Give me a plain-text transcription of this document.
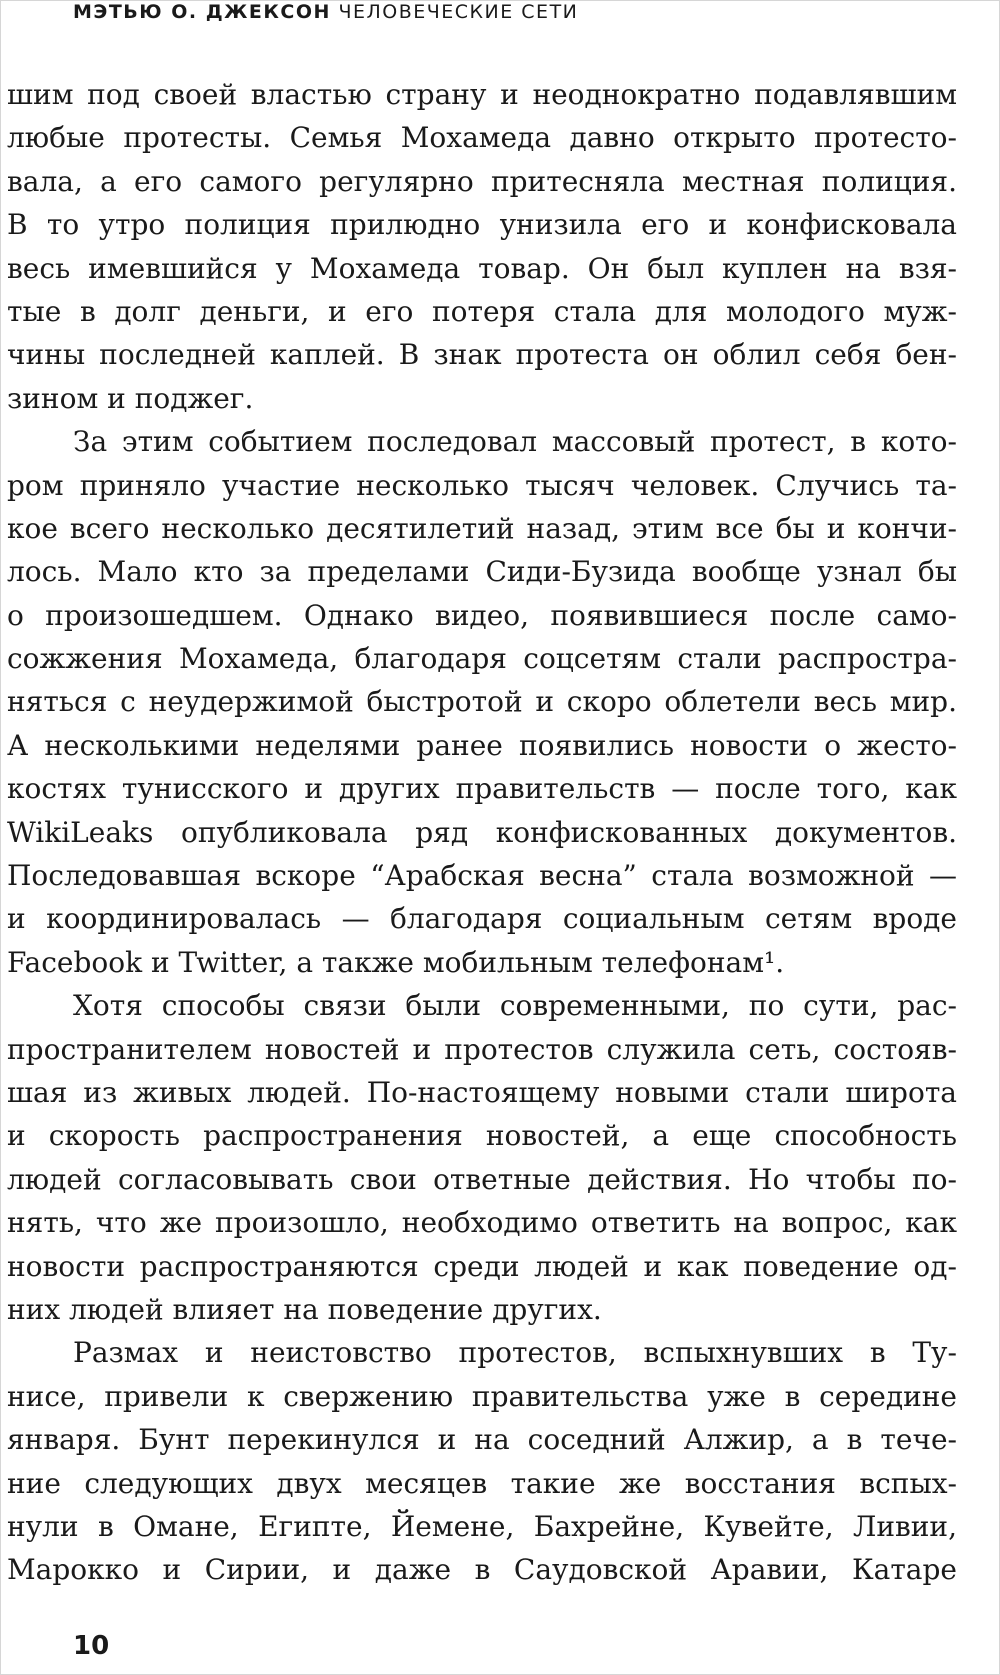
МЭТЬЮ О. ДЖЕКСОН ЧЕЛОВЕЧЕСКИЕ СЕТИ
шим под своей властью страну и неоднократно подавлявшим
любые протесты. Семья Мохамеда давно открыто протесто-
вала, а его самого регулярно притесняла местная полиция.
В то утро полиция прилюдно унизила его и конфисковала
весь имевшийся у Мохамеда товар. Он был куплен на взя-
тые в долг деньги, и его потеря стала для молодого муж-
чины последней каплей. В знак протеста он облил себя бен-
зином и поджег.
За этим событием последовал массовый протест, в кото-
ром приняло участие несколько тысяч человек. Случись та-
кое всего несколько десятилетий назад, этим все бы и кончи-
лось. Мало кто за пределами Сиди-Бузида вообще узнал бы
о произошедшем. Однако видео, появившиеся после само-
сожжения Мохамеда, благодаря соцсетям стали распростра-
няться с неудержимой быстротой и скоро облетели весь мир.
А несколькими неделями ранее появились новости о жесто-
костях тунисского и других правительств — после того, как
WikiLeaks опубликовала ряд конфискованных документов.
Последовавшая вскоре “Арабская весна” стала возможной —
и координировалась — благодаря социальным сетям вроде
Facebook и Twitter, а также мобильным телефонам¹.
Хотя способы связи были современными, по сути, рас-
пространителем новостей и протестов служила сеть, состояв-
шая из живых людей. По-настоящему новыми стали широта
и скорость распространения новостей, а еще способность
людей согласовывать свои ответные действия. Но чтобы по-
нять, что же произошло, необходимо ответить на вопрос, как
новости распространяются среди людей и как поведение од-
них людей влияет на поведение других.
Размах и неистовство протестов, вспыхнувших в Ту-
нисе, привели к свержению правительства уже в середине
января. Бунт перекинулся и на соседний Алжир, а в тече-
ние следующих двух месяцев такие же восстания вспых-
нули в Омане, Египте, Йемене, Бахрейне, Кувейте, Ливии,
Марокко и Сирии, и даже в Саудовской Аравии, Катаре
10
